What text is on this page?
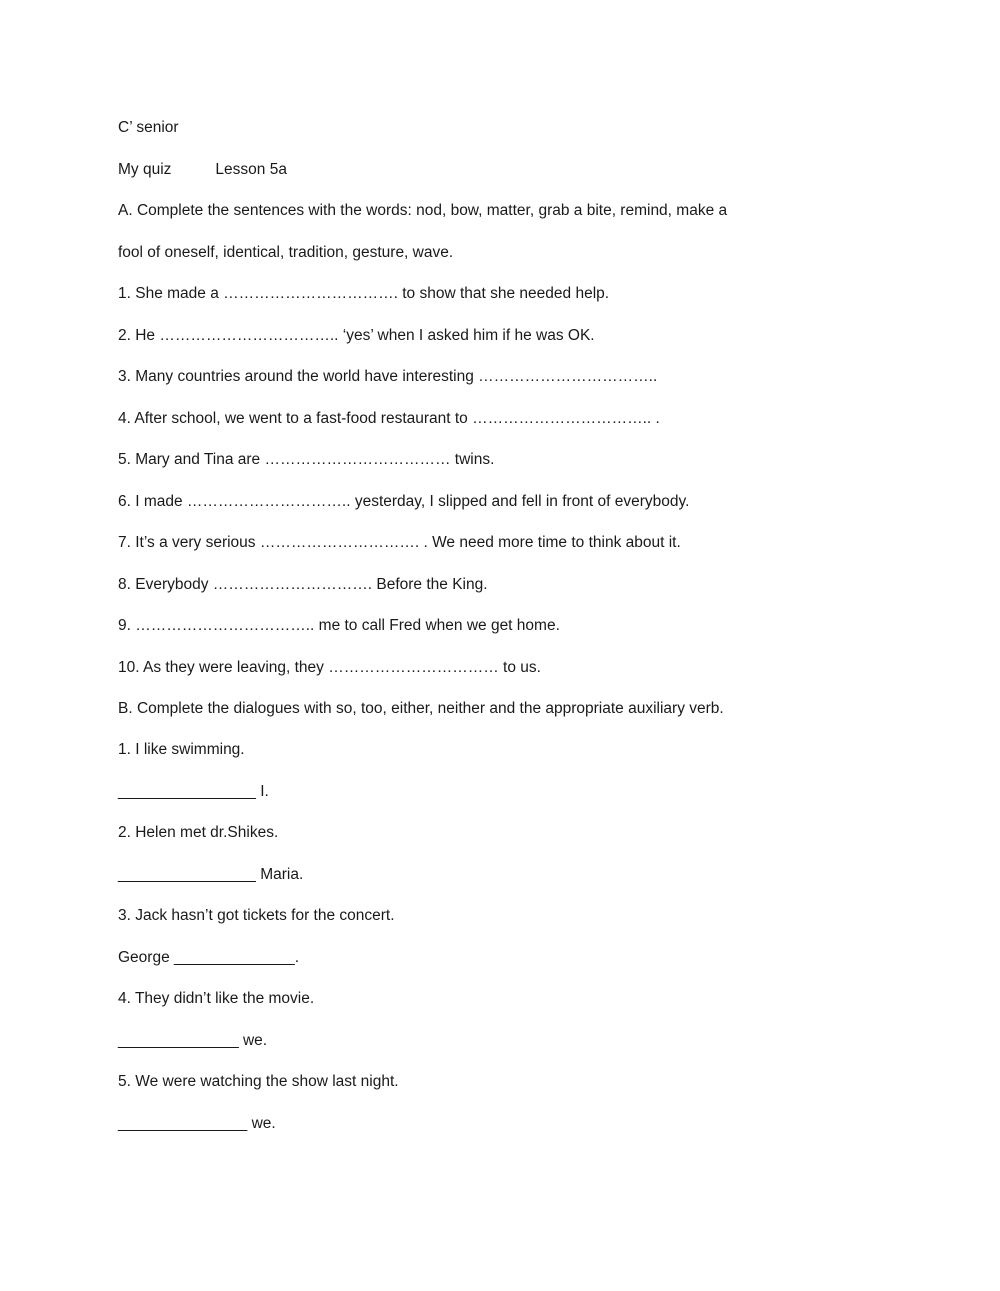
C’ senior
My quiz	Lesson 5a
A. Complete the sentences with the words: nod, bow, matter, grab a bite, remind, make a
fool of oneself, identical, tradition, gesture, wave.
1. She made a ……………………………. to show that she needed help.
2. He …………………………….. ‘yes’ when I asked him if he was OK.
3. Many countries around the world have interesting ……………………………..
4. After school, we went to a fast-food restaurant to …………………………….. .
5. Mary and Tina are ……………………………… twins.
6. I made ………………………….. yesterday, I slipped and fell in front of everybody.
7. It’s a very serious …………………………. . We need more time to think about it.
8. Everybody …………………………. Before the King.
9. …………………………….. me to call Fred when we get home.
10. As they were leaving, they …………………………… to us.
B. Complete the dialogues with so, too, either, neither and the appropriate auxiliary verb.
1. I like swimming.
________________ I.
2. Helen met dr.Shikes.
________________ Maria.
3. Jack hasn’t got tickets for the concert.
George ______________.
4. They didn’t like the movie.
______________ we.
5. We were watching the show last night.
_______________ we.
